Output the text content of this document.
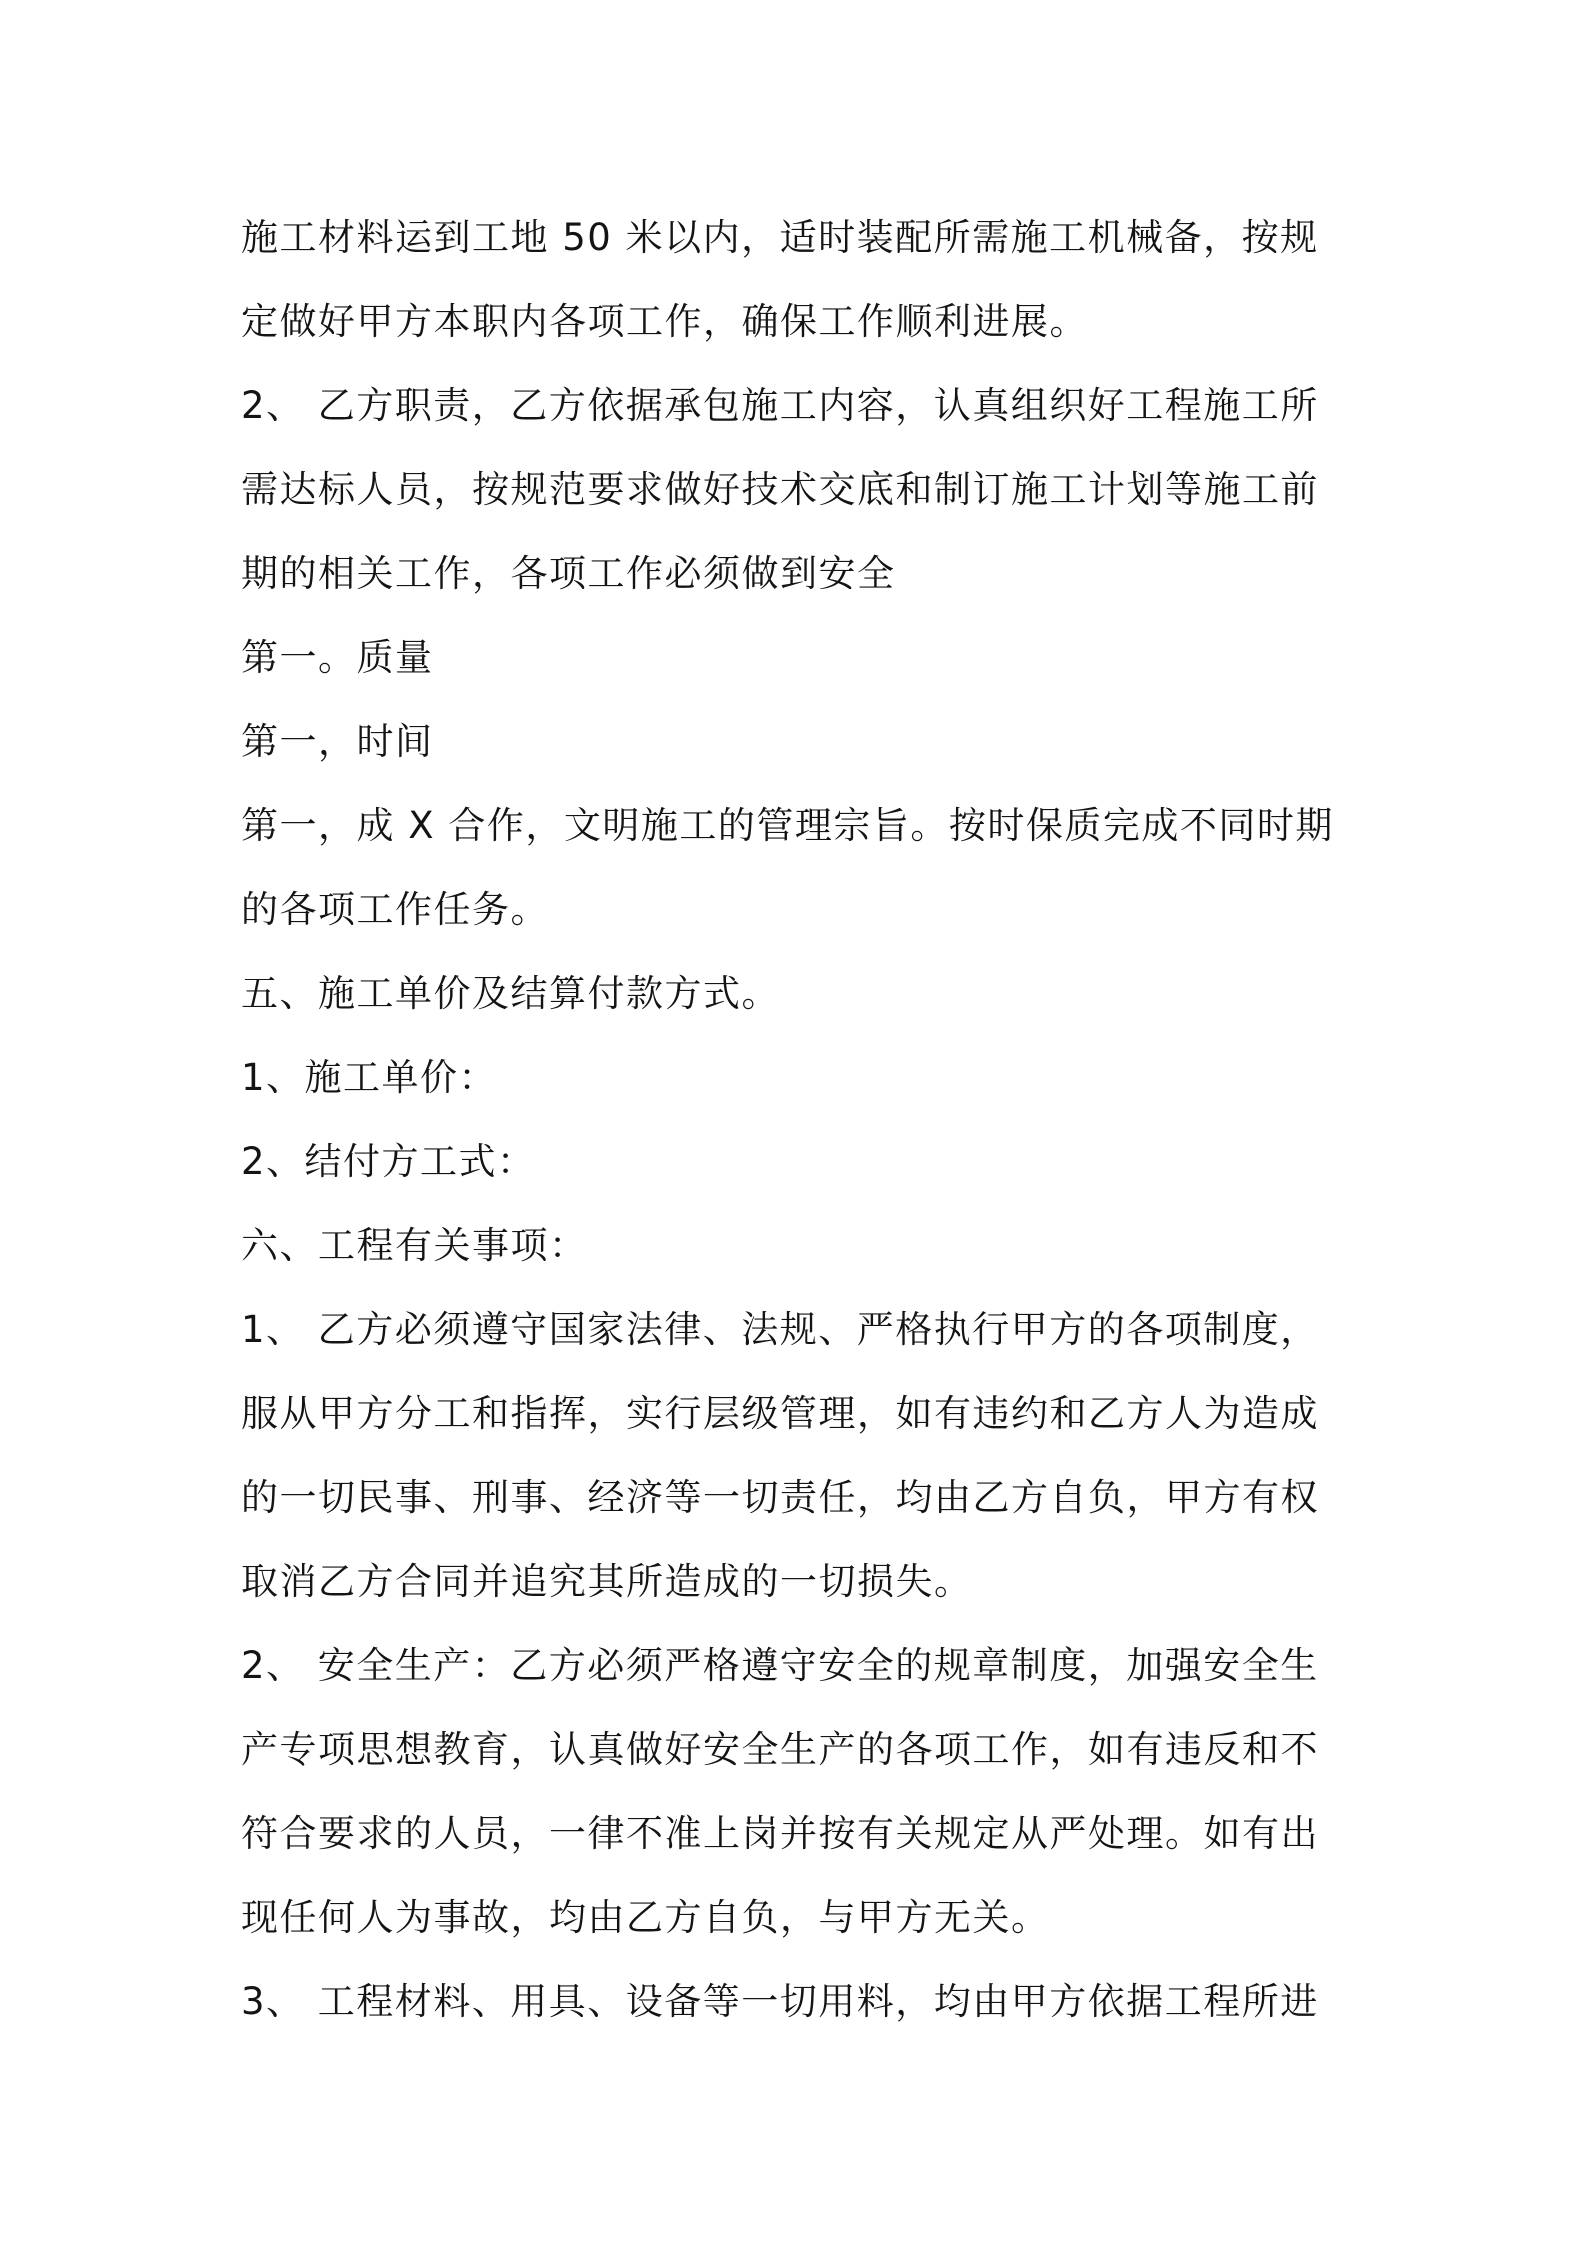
施工材料运到工地 50 米以内，适时装配所需施工机械备，按规
定做好甲方本职内各项工作，确保工作顺利进展。
2、 乙方职责，乙方依据承包施工内容，认真组织好工程施工所
需达标人员，按规范要求做好技术交底和制订施工计划等施工前
期的相关工作，各项工作必须做到安全
第一。质量
第一，时间
第一，成 X 合作，文明施工的管理宗旨。按时保质完成不同时期
的各项工作任务。
五、施工单价及结算付款方式。
1、施工单价：
2、结付方工式：
六、工程有关事项：
1、 乙方必须遵守国家法律、法规、严格执行甲方的各项制度，
服从甲方分工和指挥，实行层级管理，如有违约和乙方人为造成
的一切民事、刑事、经济等一切责任，均由乙方自负，甲方有权
取消乙方合同并追究其所造成的一切损失。
2、 安全生产：乙方必须严格遵守安全的规章制度，加强安全生
产专项思想教育，认真做好安全生产的各项工作，如有违反和不
符合要求的人员，一律不准上岗并按有关规定从严处理。如有出
现任何人为事故，均由乙方自负，与甲方无关。
3、 工程材料、用具、设备等一切用料，均由甲方依据工程所进
